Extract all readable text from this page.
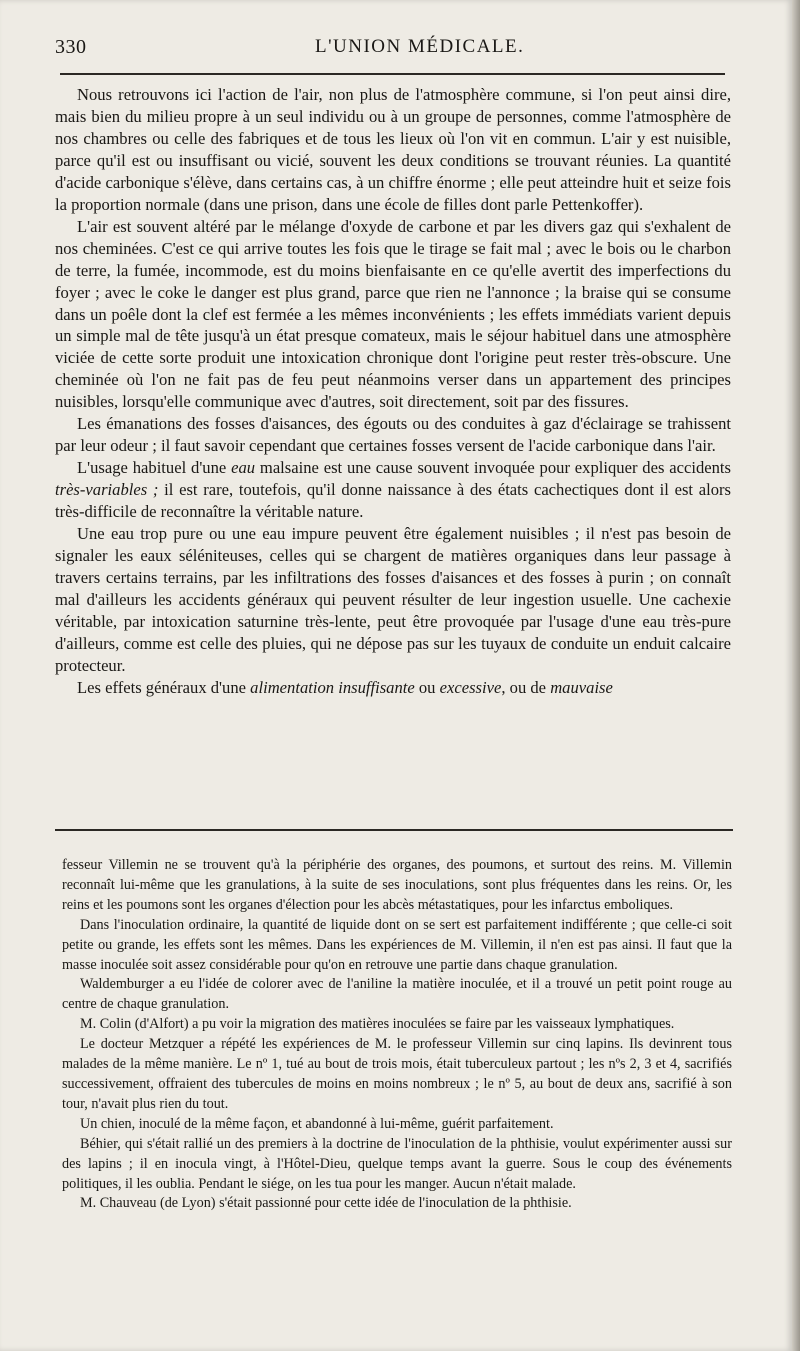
330	L'UNION MÉDICALE.

Nous retrouvons ici l'action de l'air, non plus de l'atmosphère commune, si l'on peut ainsi dire, mais bien du milieu propre à un seul individu ou à un groupe de personnes, comme l'atmosphère de nos chambres ou celle des fabriques et de tous les lieux où l'on vit en commun. L'air y est nuisible, parce qu'il est ou insuffisant ou vicié, souvent les deux conditions se trouvant réunies. La quantité d'acide carbonique s'élève, dans certains cas, à un chiffre énorme ; elle peut atteindre huit et seize fois la proportion normale (dans une prison, dans une école de filles dont parle Pettenkoffer).

L'air est souvent altéré par le mélange d'oxyde de carbone et par les divers gaz qui s'exhalent de nos cheminées. C'est ce qui arrive toutes les fois que le tirage se fait mal ; avec le bois ou le charbon de terre, la fumée, incommode, est du moins bienfaisante en ce qu'elle avertit des imperfections du foyer ; avec le coke le danger est plus grand, parce que rien ne l'annonce ; la braise qui se consume dans un poêle dont la clef est fermée a les mêmes inconvénients ; les effets immédiats varient depuis un simple mal de tête jusqu'à un état presque comateux, mais le séjour habituel dans une atmosphère viciée de cette sorte produit une intoxication chronique dont l'origine peut rester très-obscure. Une cheminée où l'on ne fait pas de feu peut néanmoins verser dans un appartement des principes nuisibles, lorsqu'elle communique avec d'autres, soit directement, soit par des fissures.

Les émanations des fosses d'aisances, des égouts ou des conduites à gaz d'éclairage se trahissent par leur odeur ; il faut savoir cependant que certaines fosses versent de l'acide carbonique dans l'air.

L'usage habituel d'une eau malsaine est une cause souvent invoquée pour expliquer des accidents très-variables ; il est rare, toutefois, qu'il donne naissance à des états cachectiques dont il est alors très-difficile de reconnaître la véritable nature.

Une eau trop pure ou une eau impure peuvent être également nuisibles ; il n'est pas besoin de signaler les eaux séléniteuses, celles qui se chargent de matières organiques dans leur passage à travers certains terrains, par les infiltrations des fosses d'aisances et des fosses à purin ; on connaît mal d'ailleurs les accidents généraux qui peuvent résulter de leur ingestion usuelle. Une cachexie véritable, par intoxication saturnine très-lente, peut être provoquée par l'usage d'une eau très-pure d'ailleurs, comme est celle des pluies, qui ne dépose pas sur les tuyaux de conduite un enduit calcaire protecteur.

Les effets généraux d'une alimentation insuffisante ou excessive, ou de mauvaise

fesseur Villemin ne se trouvent qu'à la périphérie des organes, des poumons, et surtout des reins. M. Villemin reconnaît lui-même que les granulations, à la suite de ses inoculations, sont plus fréquentes dans les reins. Or, les reins et les poumons sont les organes d'élection pour les abcès métastatiques, pour les infarctus emboliques.

Dans l'inoculation ordinaire, la quantité de liquide dont on se sert est parfaitement indifférente ; que celle-ci soit petite ou grande, les effets sont les mêmes. Dans les expériences de M. Villemin, il n'en est pas ainsi. Il faut que la masse inoculée soit assez considérable pour qu'on en retrouve une partie dans chaque granulation.

Waldemburger a eu l'idée de colorer avec de l'aniline la matière inoculée, et il a trouvé un petit point rouge au centre de chaque granulation.

M. Colin (d'Alfort) a pu voir la migration des matières inoculées se faire par les vaisseaux lymphatiques.

Le docteur Metzquer a répété les expériences de M. le professeur Villemin sur cinq lapins. Ils devinrent tous malades de la même manière. Le nº 1, tué au bout de trois mois, était tuberculeux partout ; les nºs 2, 3 et 4, sacrifiés successivement, offraient des tubercules de moins en moins nombreux ; le nº 5, au bout de deux ans, sacrifié à son tour, n'avait plus rien du tout.

Un chien, inoculé de la même façon, et abandonné à lui-même, guérit parfaitement.

Béhier, qui s'était rallié un des premiers à la doctrine de l'inoculation de la phthisie, voulut expérimenter aussi sur des lapins ; il en inocula vingt, à l'Hôtel-Dieu, quelque temps avant la guerre. Sous le coup des événements politiques, il les oublia. Pendant le siége, on les tua pour les manger. Aucun n'était malade.

M. Chauveau (de Lyon) s'était passionné pour cette idée de l'inoculation de la phthisie.
